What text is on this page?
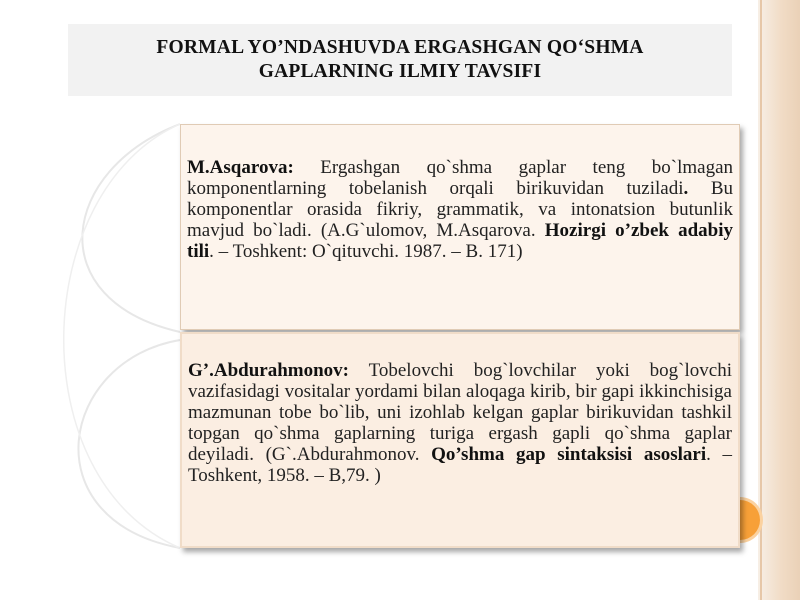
FORMAL YO’NDASHUVDA ERGASHGAN QO‘SHMA GAPLARNING ILMIY TAVSIFI

M.Asqarova: Ergashgan qo`shma gaplar teng bo`lmagan komponentlarning tobelanish orqali birikuvidan tuziladi. Bu komponentlar orasida fikriy, grammatik, va intonatsion butunlik mavjud bo`ladi. (A.G`ulomov, M.Asqarova. Hozirgi o’zbek adabiy tili. – Toshkent: O`qituvchi. 1987. – B. 171)

G’.Abdurahmonov: Tobelovchi bog`lovchilar yoki bog`lovchi vazifasidagi vositalar yordami bilan aloqaga kirib, bir gapi ikkinchisiga mazmunan tobe bo`lib, uni izohlab kelgan gaplar birikuvidan tashkil topgan qo`shma gaplarning turiga ergash gapli qo`shma gaplar deyiladi. (G`.Abdurahmonov. Qo’shma gap sintaksisi asoslari. – Toshkent, 1958. – B,79. )
